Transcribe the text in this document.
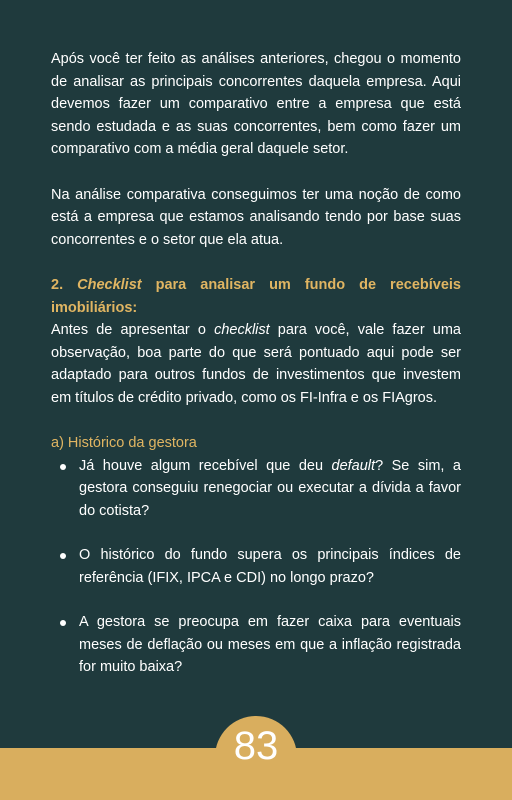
Após você ter feito as análises anteriores, chegou o momento de analisar as principais concorrentes daquela empresa. Aqui devemos fazer um comparativo entre a empresa que está sendo estudada e as suas concorrentes, bem como fazer um comparativo com a média geral daquele setor.

Na análise comparativa conseguimos ter uma noção de como está a empresa que estamos analisando tendo por base suas concorrentes e o setor que ela atua.

2. Checklist para analisar um fundo de recebíveis imobiliários:

Antes de apresentar o checklist para você, vale fazer uma observação, boa parte do que será pontuado aqui pode ser adaptado para outros fundos de investimentos que investem em títulos de crédito privado, como os FI-Infra e os FIAgros.

a) Histórico da gestora

Já houve algum recebível que deu default? Se sim, a gestora conseguiu renegociar ou executar a dívida a favor do cotista?
O histórico do fundo supera os principais índices de referência (IFIX, IPCA e CDI) no longo prazo?
A gestora se preocupa em fazer caixa para eventuais meses de deflação ou meses em que a inflação registrada for muito baixa?
83
